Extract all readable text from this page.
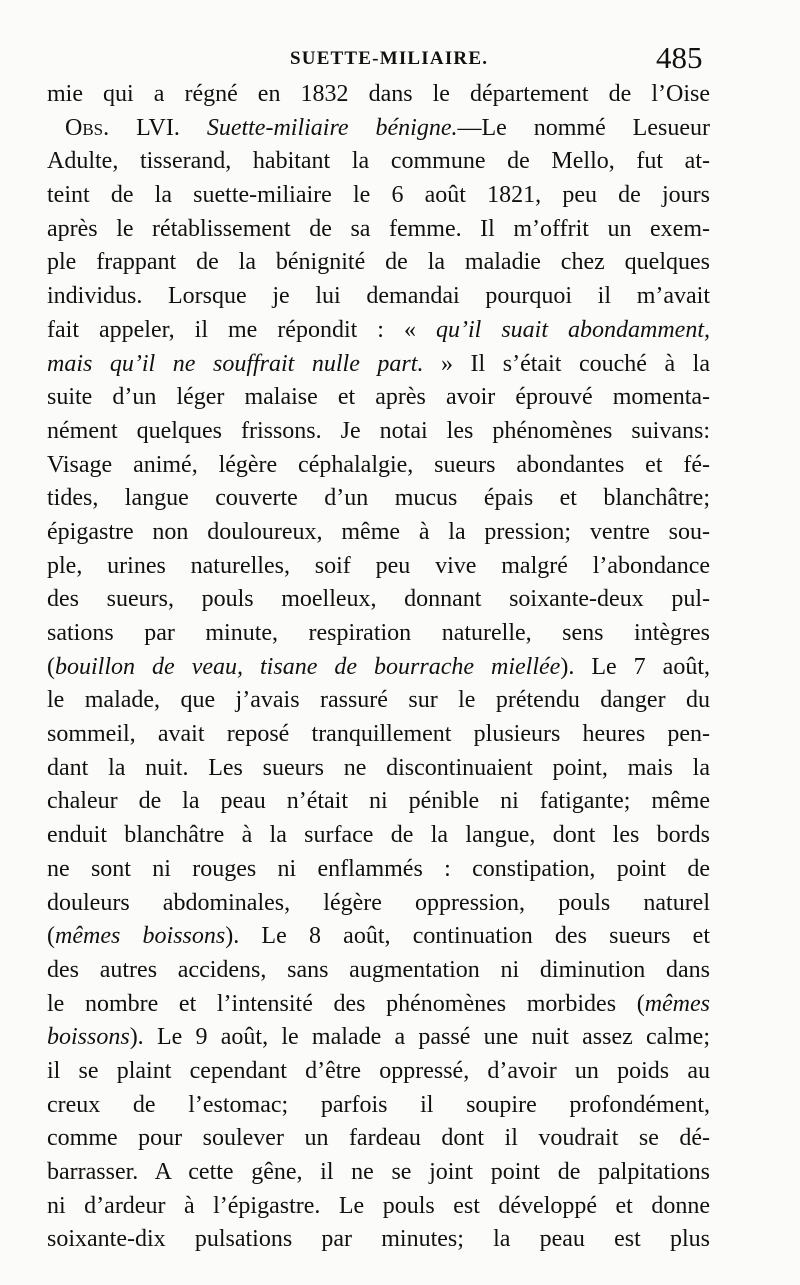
SUETTE-MILIAIRE.	485
mie qui a régné en 1832 dans le département de l’Oise
Obs. LVI. Suette-miliaire bénigne.—Le nommé Lesueur
Adulte, tisserand, habitant la commune de Mello, fut at-
teint de la suette-miliaire le 6 août 1821, peu de jours
après le rétablissement de sa femme. Il m’offrit un exem-
ple frappant de la bénignité de la maladie chez quelques
individus. Lorsque je lui demandai pourquoi il m’avait
fait appeler, il me répondit : « qu’il suait abondamment,
mais qu’il ne souffrait nulle part. » Il s’était couché à la
suite d’un léger malaise et après avoir éprouvé momenta-
nément quelques frissons. Je notai les phénomènes suivans:
Visage animé, légère céphalalgie, sueurs abondantes et fé-
tides, langue couverte d’un mucus épais et blanchâtre;
épigastre non douloureux, même à la pression; ventre sou-
ple, urines naturelles, soif peu vive malgré l’abondance
des sueurs, pouls moelleux, donnant soixante-deux pul-
sations par minute, respiration naturelle, sens intègres
(bouillon de veau, tisane de bourrache miellée). Le 7 août,
le malade, que j’avais rassuré sur le prétendu danger du
sommeil, avait reposé tranquillement plusieurs heures pen-
dant la nuit. Les sueurs ne discontinuaient point, mais la
chaleur de la peau n’était ni pénible ni fatigante; même
enduit blanchâtre à la surface de la langue, dont les bords
ne sont ni rouges ni enflammés : constipation, point de
douleurs abdominales, légère oppression, pouls naturel
(mêmes boissons). Le 8 août, continuation des sueurs et
des autres accidens, sans augmentation ni diminution dans
le nombre et l’intensité des phénomènes morbides (mêmes
boissons). Le 9 août, le malade a passé une nuit assez calme;
il se plaint cependant d’être oppressé, d’avoir un poids au
creux de l’estomac; parfois il soupire profondément,
comme pour soulever un fardeau dont il voudrait se dé-
barrasser. A cette gêne, il ne se joint point de palpitations
ni d’ardeur à l’épigastre. Le pouls est développé et donne
soixante-dix pulsations par minutes; la peau est plus
